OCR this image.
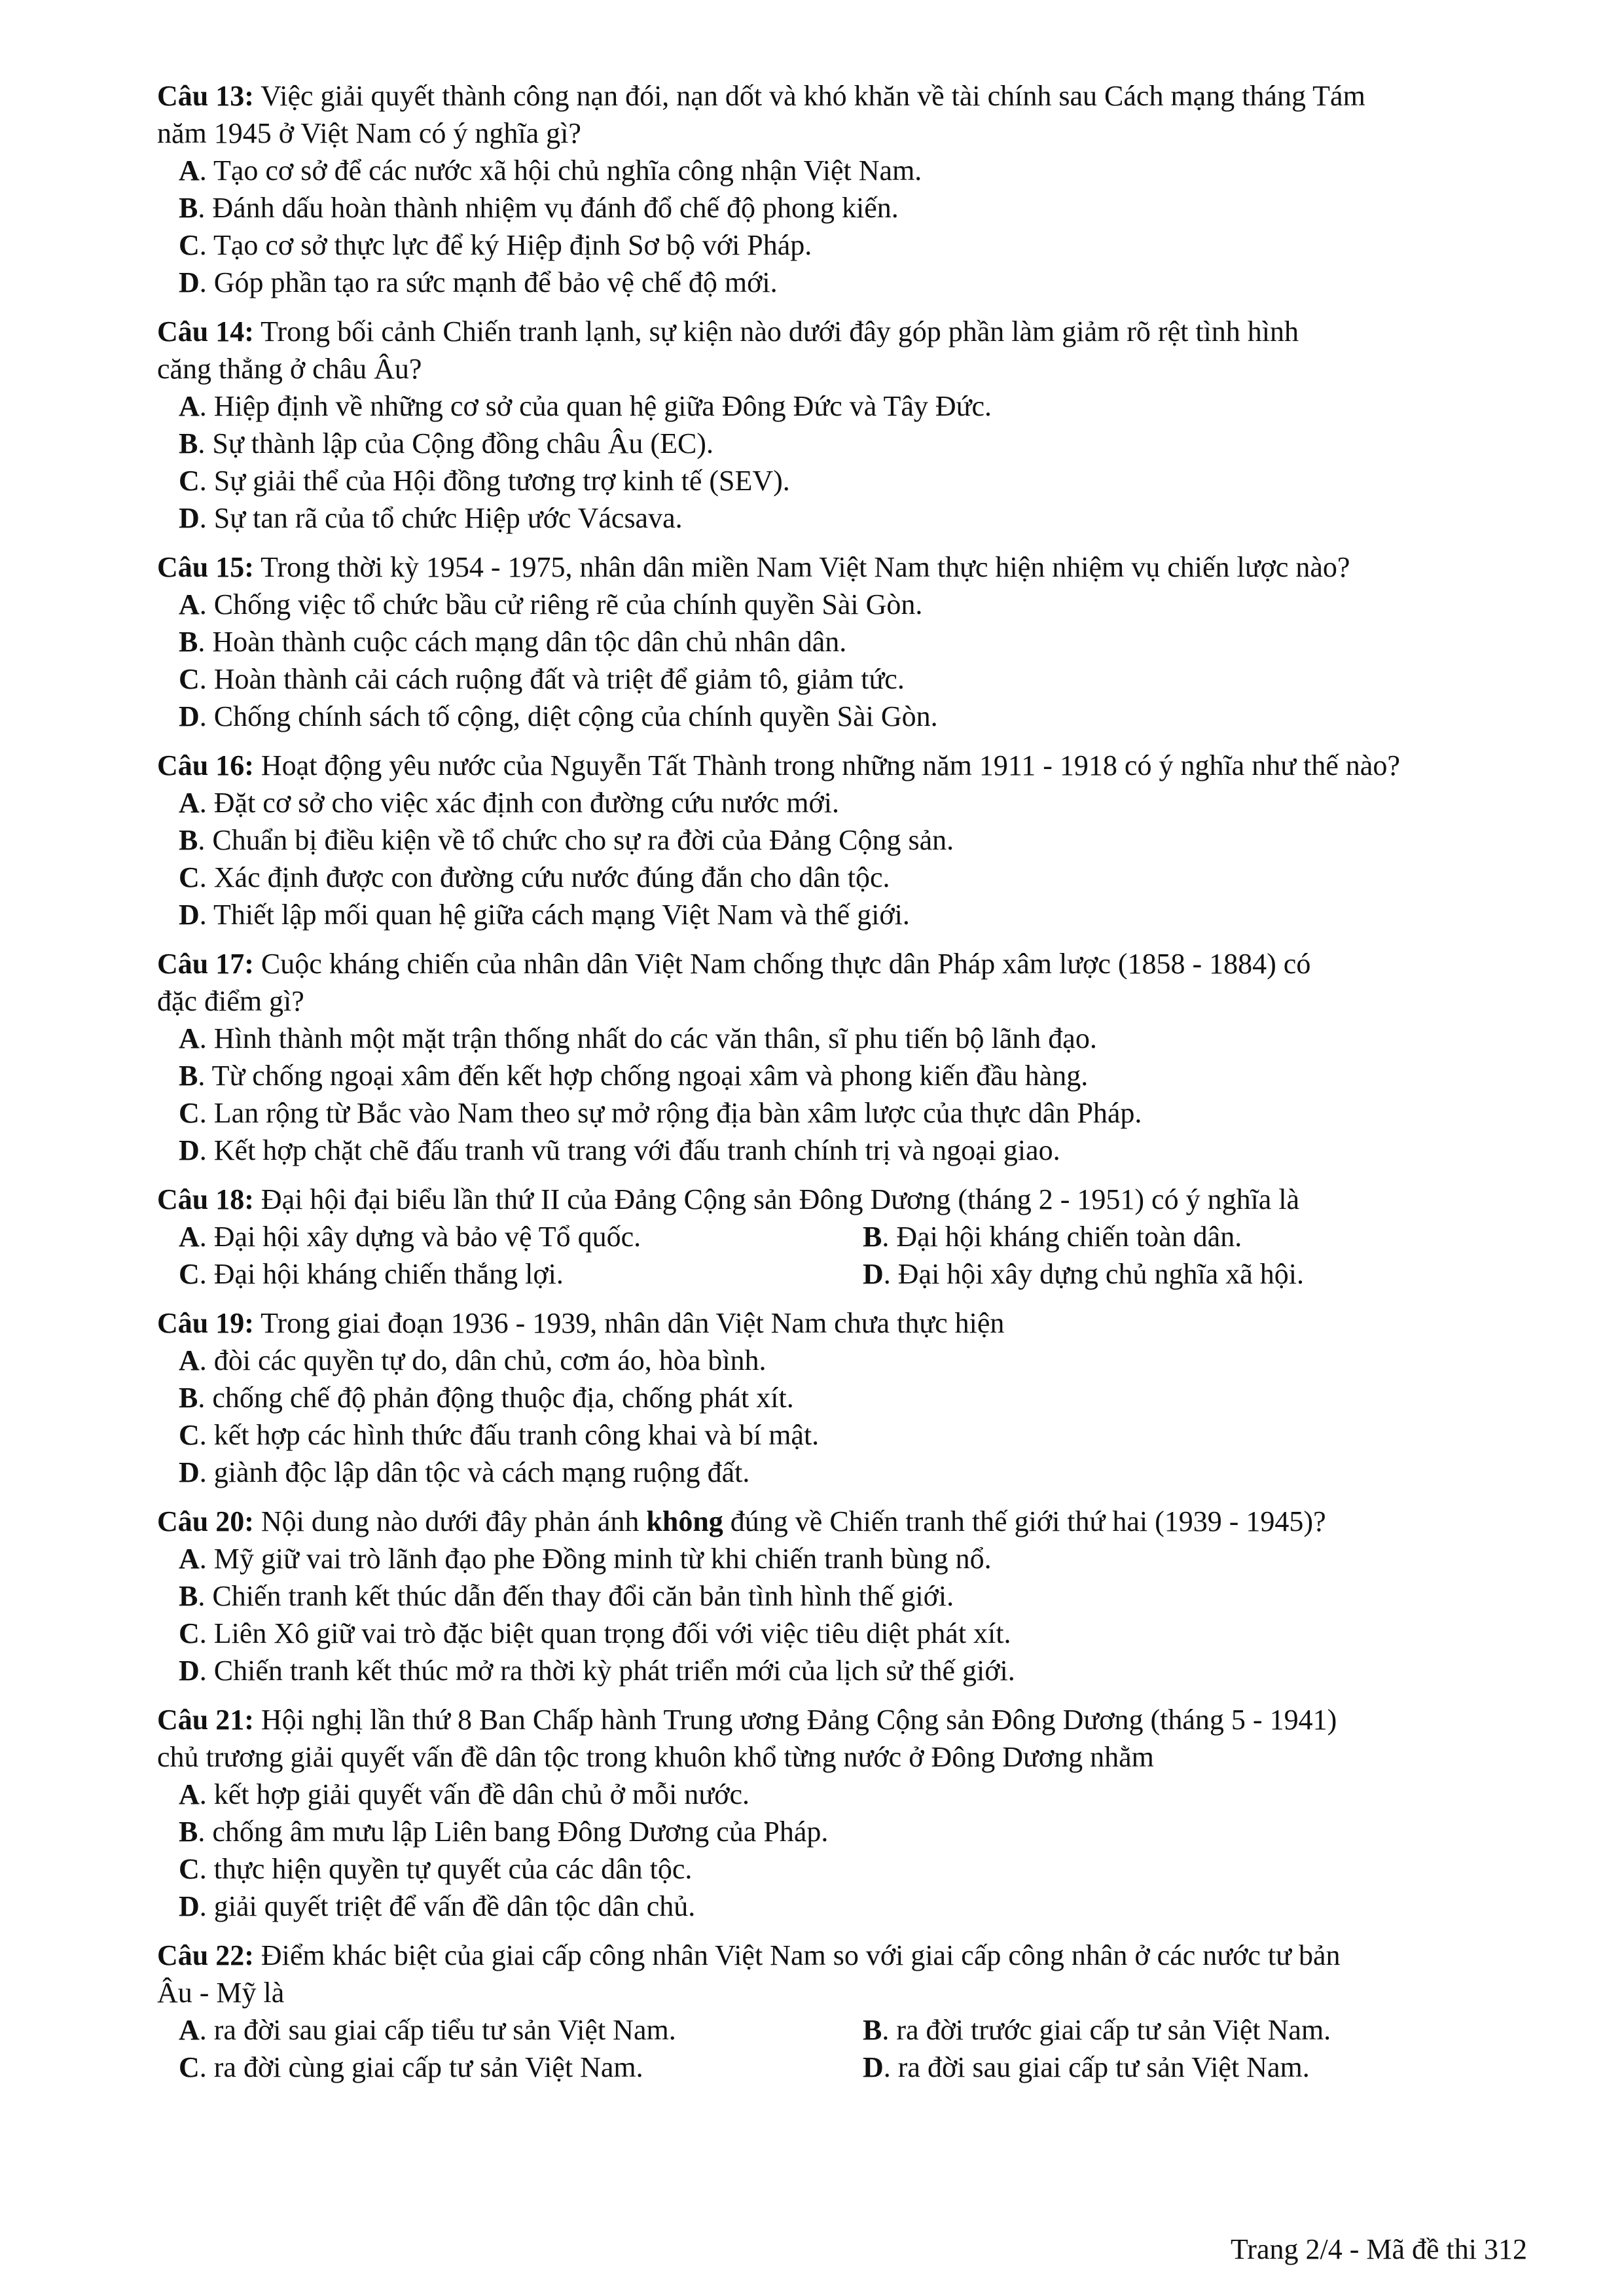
Câu 13: Việc giải quyết thành công nạn đói, nạn dốt và khó khăn về tài chính sau Cách mạng tháng Tám
năm 1945 ở Việt Nam có ý nghĩa gì?
A. Tạo cơ sở để các nước xã hội chủ nghĩa công nhận Việt Nam.
B. Đánh dấu hoàn thành nhiệm vụ đánh đổ chế độ phong kiến.
C. Tạo cơ sở thực lực để ký Hiệp định Sơ bộ với Pháp.
D. Góp phần tạo ra sức mạnh để bảo vệ chế độ mới.
Câu 14: Trong bối cảnh Chiến tranh lạnh, sự kiện nào dưới đây góp phần làm giảm rõ rệt tình hình
căng thẳng ở châu Âu?
A. Hiệp định về những cơ sở của quan hệ giữa Đông Đức và Tây Đức.
B. Sự thành lập của Cộng đồng châu Âu (EC).
C. Sự giải thể của Hội đồng tương trợ kinh tế (SEV).
D. Sự tan rã của tổ chức Hiệp ước Vácsava.
Câu 15: Trong thời kỳ 1954 - 1975, nhân dân miền Nam Việt Nam thực hiện nhiệm vụ chiến lược nào?
A. Chống việc tổ chức bầu cử riêng rẽ của chính quyền Sài Gòn.
B. Hoàn thành cuộc cách mạng dân tộc dân chủ nhân dân.
C. Hoàn thành cải cách ruộng đất và triệt để giảm tô, giảm tức.
D. Chống chính sách tố cộng, diệt cộng của chính quyền Sài Gòn.
Câu 16: Hoạt động yêu nước của Nguyễn Tất Thành trong những năm 1911 - 1918 có ý nghĩa như thế nào?
A. Đặt cơ sở cho việc xác định con đường cứu nước mới.
B. Chuẩn bị điều kiện về tổ chức cho sự ra đời của Đảng Cộng sản.
C. Xác định được con đường cứu nước đúng đắn cho dân tộc.
D. Thiết lập mối quan hệ giữa cách mạng Việt Nam và thế giới.
Câu 17: Cuộc kháng chiến của nhân dân Việt Nam chống thực dân Pháp xâm lược (1858 - 1884) có
đặc điểm gì?
A. Hình thành một mặt trận thống nhất do các văn thân, sĩ phu tiến bộ lãnh đạo.
B. Từ chống ngoại xâm đến kết hợp chống ngoại xâm và phong kiến đầu hàng.
C. Lan rộng từ Bắc vào Nam theo sự mở rộng địa bàn xâm lược của thực dân Pháp.
D. Kết hợp chặt chẽ đấu tranh vũ trang với đấu tranh chính trị và ngoại giao.
Câu 18: Đại hội đại biểu lần thứ II của Đảng Cộng sản Đông Dương (tháng 2 - 1951) có ý nghĩa là
A. Đại hội xây dựng và bảo vệ Tổ quốc.	B. Đại hội kháng chiến toàn dân.
C. Đại hội kháng chiến thắng lợi.	D. Đại hội xây dựng chủ nghĩa xã hội.
Câu 19: Trong giai đoạn 1936 - 1939, nhân dân Việt Nam chưa thực hiện
A. đòi các quyền tự do, dân chủ, cơm áo, hòa bình.
B. chống chế độ phản động thuộc địa, chống phát xít.
C. kết hợp các hình thức đấu tranh công khai và bí mật.
D. giành độc lập dân tộc và cách mạng ruộng đất.
Câu 20: Nội dung nào dưới đây phản ánh không đúng về Chiến tranh thế giới thứ hai (1939 - 1945)?
A. Mỹ giữ vai trò lãnh đạo phe Đồng minh từ khi chiến tranh bùng nổ.
B. Chiến tranh kết thúc dẫn đến thay đổi căn bản tình hình thế giới.
C. Liên Xô giữ vai trò đặc biệt quan trọng đối với việc tiêu diệt phát xít.
D. Chiến tranh kết thúc mở ra thời kỳ phát triển mới của lịch sử thế giới.
Câu 21: Hội nghị lần thứ 8 Ban Chấp hành Trung ương Đảng Cộng sản Đông Dương (tháng 5 - 1941)
chủ trương giải quyết vấn đề dân tộc trong khuôn khổ từng nước ở Đông Dương nhằm
A. kết hợp giải quyết vấn đề dân chủ ở mỗi nước.
B. chống âm mưu lập Liên bang Đông Dương của Pháp.
C. thực hiện quyền tự quyết của các dân tộc.
D. giải quyết triệt để vấn đề dân tộc dân chủ.
Câu 22: Điểm khác biệt của giai cấp công nhân Việt Nam so với giai cấp công nhân ở các nước tư bản
Âu - Mỹ là
A. ra đời sau giai cấp tiểu tư sản Việt Nam.	B. ra đời trước giai cấp tư sản Việt Nam.
C. ra đời cùng giai cấp tư sản Việt Nam.	D. ra đời sau giai cấp tư sản Việt Nam.
Trang 2/4 - Mã đề thi 312
